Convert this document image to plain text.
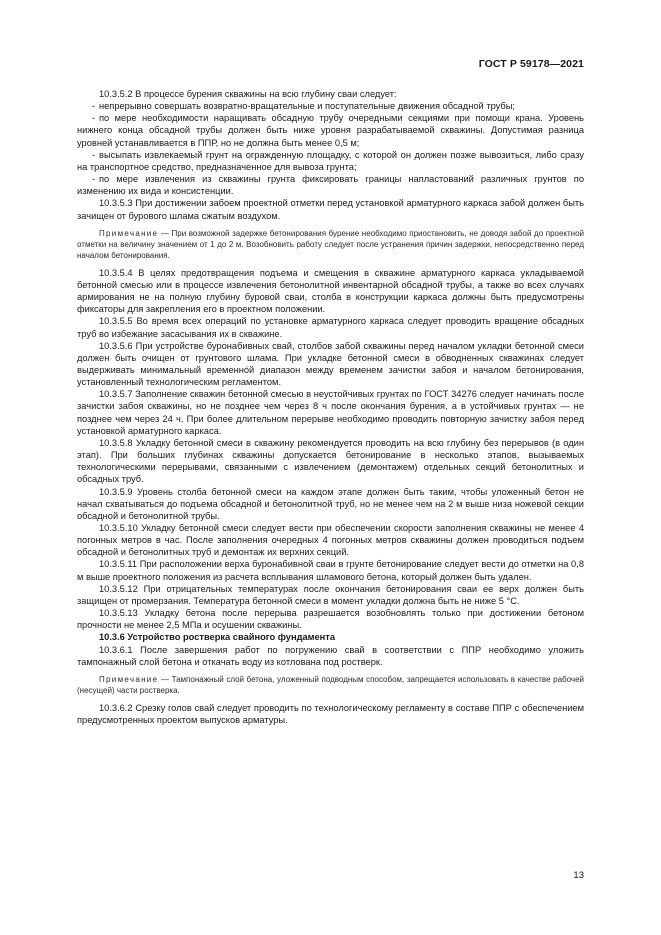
ГОСТ Р 59178—2021

10.3.5.2 В процессе бурения скважины на всю глубину сваи следует:

- непрерывно совершать возвратно-вращательные и поступательные движения обсадной трубы;

- по мере необходимости наращивать обсадную трубу очередными секциями при помощи крана. Уровень нижнего конца обсадной трубы должен быть ниже уровня разрабатываемой скважины. Допустимая разница уровней устанавливается в ППР, но не должна быть менее 0,5 м;

- высыпать извлекаемый грунт на огражденную площадку, с которой он должен позже вывозиться, либо сразу на транспортное средство, предназначенное для вывоза грунта;

- по мере извлечения из скважины грунта фиксировать границы напластований различных грунтов по изменению их вида и консистенции.

10.3.5.3 При достижении забоем проектной отметки перед установкой арматурного каркаса забой должен быть зачищен от бурового шлама сжатым воздухом.

Примечание — При возможной задержке бетонирования бурение необходимо приостановить, не доводя забой до проектной отметки на величину значением от 1 до 2 м. Возобновить работу следует после устранения причин задержки, непосредственно перед началом бетонирования.

10.3.5.4 В целях предотвращения подъема и смещения в скважине арматурного каркаса укладываемой бетонной смесью или в процессе извлечения бетонолитной инвентарной обсадной трубы, а также во всех случаях армирования не на полную глубину буровой сваи, столба в конструкции каркаса должны быть предусмотрены фиксаторы для закрепления его в проектном положении.

10.3.5.5 Во время всех операций по установке арматурного каркаса следует проводить вращение обсадных труб во избежание засасывания их в скважине.

10.3.5.6 При устройстве буронабивных свай, столбов забой скважины перед началом укладки бетонной смеси должен быть очищен от грунтового шлама. При укладке бетонной смеси в обводненных скважинах следует выдерживать минимальный временнóй диапазон между временем зачистки забоя и началом бетонирования, установленный технологическим регламентом.

10.3.5.7 Заполнение скважин бетонной смесью в неустойчивых грунтах по ГОСТ 34276 следует начинать после зачистки забоя скважины, но не позднее чем через 8 ч после окончания бурения, а в устойчивых грунтах — не позднее чем через 24 ч. При более длительном перерыве необходимо проводить повторную зачистку забоя перед установкой арматурного каркаса.

10.3.5.8 Укладку бетонной смеси в скважину рекомендуется проводить на всю глубину без перерывов (в один этап). При больших глубинах скважины допускается бетонирование в несколько этапов, вызываемых технологическими перерывами, связанными с извлечением (демонтажем) отдельных секций бетонолитных и обсадных труб.

10.3.5.9 Уровень столба бетонной смеси на каждом этапе должен быть таким, чтобы уложенный бетон не начал схватываться до подъема обсадной и бетонолитной труб, но не менее чем на 2 м выше низа ножевой секции обсадной и бетонолитной трубы.

10.3.5.10 Укладку бетонной смеси следует вести при обеспечении скорости заполнения скважины не менее 4 погонных метров в час. После заполнения очередных 4 погонных метров скважины должен проводиться подъем обсадной и бетонолитных труб и демонтаж их верхних секций.

10.3.5.11 При расположении верха буронабивной сваи в грунте бетонирование следует вести до отметки на 0,8 м выше проектного положения из расчета всплывания шламового бетона, который должен быть удален.

10.3.5.12 При отрицательных температурах после окончания бетонирования сваи ее верх должен быть защищен от промерзания. Температура бетонной смеси в момент укладки должна быть не ниже 5 °С.

10.3.5.13 Укладку бетона после перерыва разрешается возобновлять только при достижении бетоном прочности не менее 2,5 МПа и осушении скважины.

10.3.6 Устройство ростверка свайного фундамента

10.3.6.1 После завершения работ по погружению свай в соответствии с ППР необходимо уложить тампонажный слой бетона и откачать воду из котлована под ростверк.

Примечание — Тампонажный слой бетона, уложенный подводным способом, запрещается использовать в качестве рабочей (несущей) части ростверка.

10.3.6.2 Срезку голов свай следует проводить по технологическому регламенту в составе ППР с обеспечением предусмотренных проектом выпусков арматуры.

13
